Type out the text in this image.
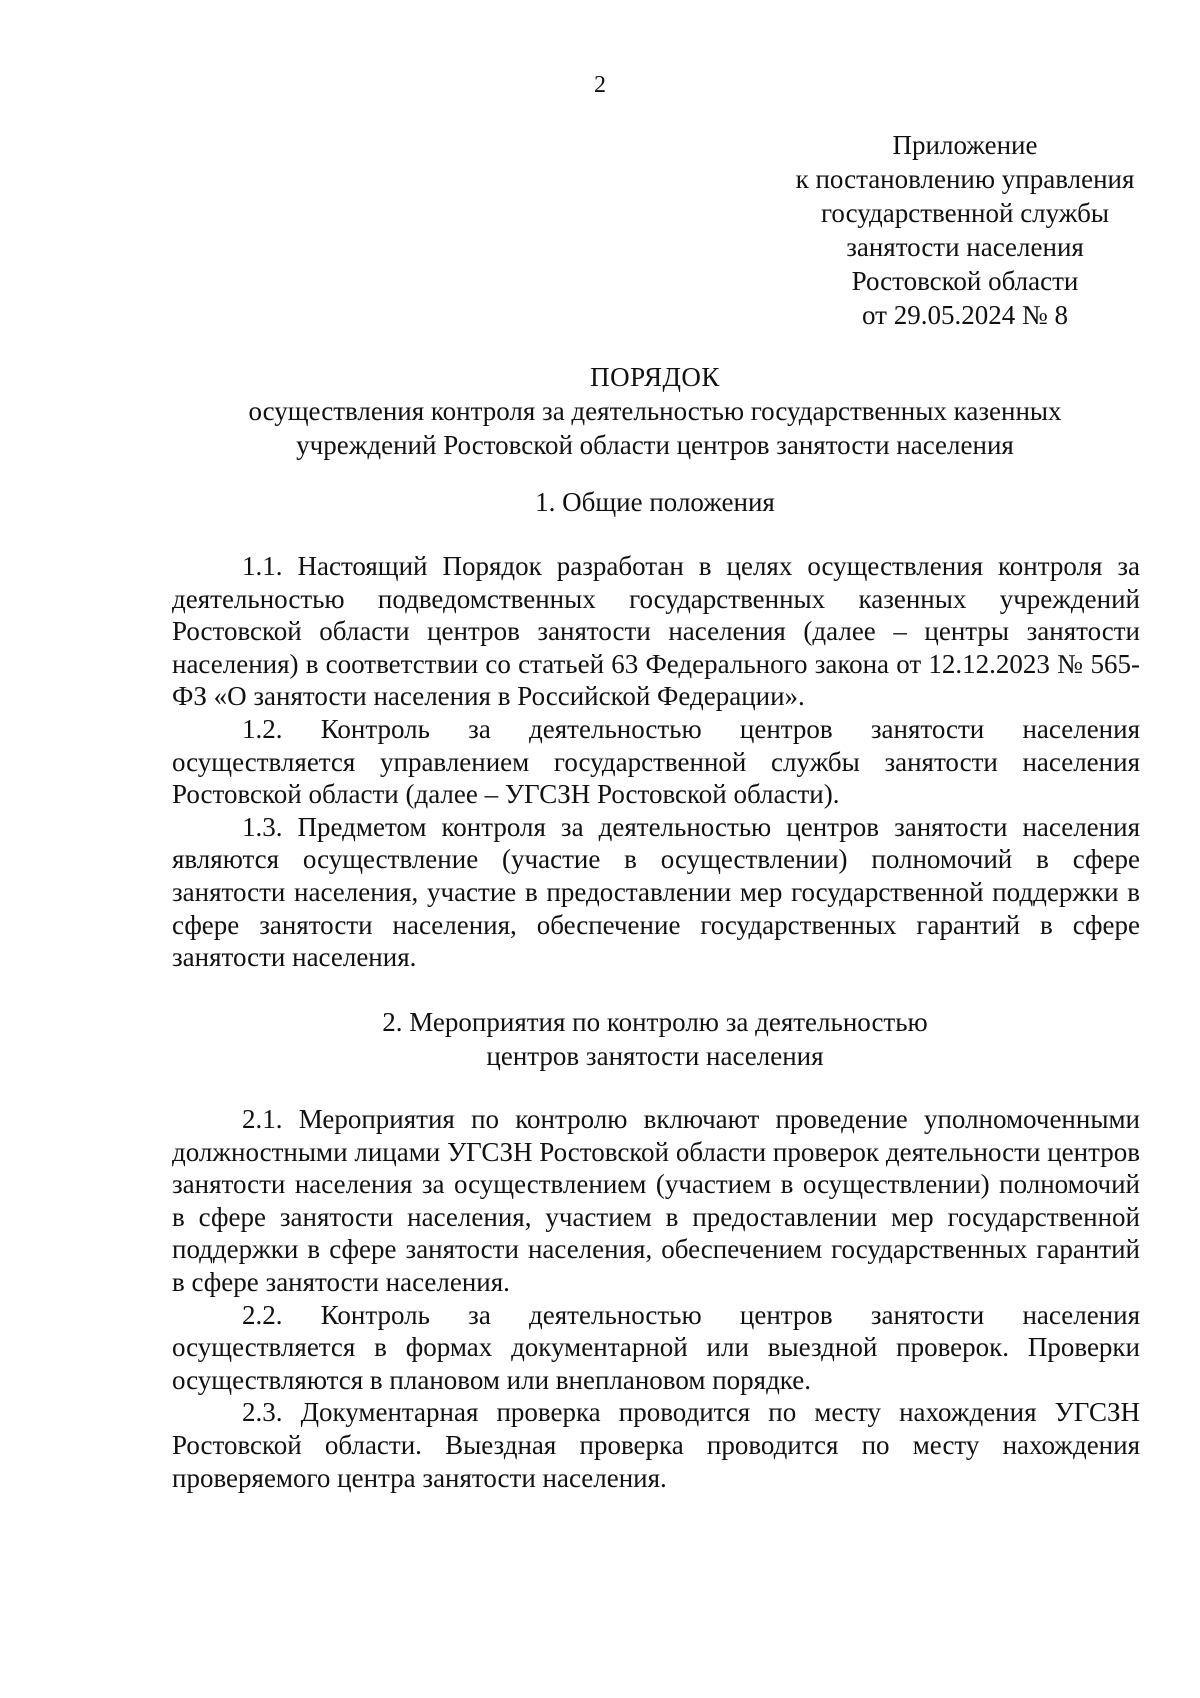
2
Приложение
к постановлению управления
государственной службы
занятости населения
Ростовской области
от 29.05.2024 № 8
ПОРЯДОК
осуществления контроля за деятельностью государственных казенных
учреждений Ростовской области центров занятости населения
1. Общие положения

1.1. Настоящий Порядок разработан в целях осуществления контроля за деятельностью подведомственных государственных казенных учреждений Ростовской области центров занятости населения (далее – центры занятости населения) в соответствии со статьей 63 Федерального закона от 12.12.2023 № 565-ФЗ «О занятости населения в Российской Федерации».

1.2. Контроль за деятельностью центров занятости населения осуществляется управлением государственной службы занятости населения Ростовской области (далее – УГСЗН Ростовской области).

1.3. Предметом контроля за деятельностью центров занятости населения являются осуществление (участие в осуществлении) полномочий в сфере занятости населения, участие в предоставлении мер государственной поддержки в сфере занятости населения, обеспечение государственных гарантий в сфере занятости населения.

2. Мероприятия по контролю за деятельностью
центров занятости населения

2.1. Мероприятия по контролю включают проведение уполномоченными должностными лицами УГСЗН Ростовской области проверок деятельности центров занятости населения за осуществлением (участием в осуществлении) полномочий в сфере занятости населения, участием в предоставлении мер государственной поддержки в сфере занятости населения, обеспечением государственных гарантий в сфере занятости населения.

2.2. Контроль за деятельностью центров занятости населения осуществляется в формах документарной или выездной проверок. Проверки осуществляются в плановом или внеплановом порядке.

2.3. Документарная проверка проводится по месту нахождения УГСЗН Ростовской области. Выездная проверка проводится по месту нахождения проверяемого центра занятости населения.
